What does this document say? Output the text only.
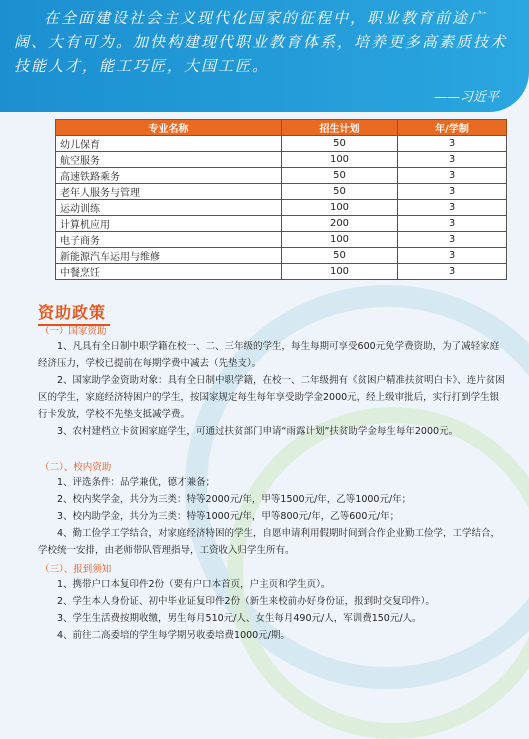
在全面建设社会主义现代化国家的征程中，职业教育前途广阔、大有可为。加快构建现代职业教育体系，培养更多高素质技术技能人才，能工巧匠，大国工匠。

——习近平
专业名称	招生计划	年/学制
幼儿保育	50	3
航空服务	100	3
高速铁路乘务	50	3
老年人服务与管理	50	3
运动训练	100	3
计算机应用	200	3
电子商务	100	3
新能源汽车运用与维修	50	3
中餐烹饪	100	3
资助政策
（一）国家资助

1、凡具有全日制中职学籍在校一、二、三年级的学生，每生每期可享受600元免学费资助，为了减轻家庭经济压力，学校已提前在每期学费中减去（先垫支）。

2、国家助学金资助对象：具有全日制中职学籍，在校一、二年级拥有《贫困户精准扶贫明白卡》、连片贫困区的学生，家庭经济特困户的学生，按国家规定每生每年享受助学金2000元，经上级审批后，实行打到学生银行卡发放，学校不先垫支抵减学费。

3、农村建档立卡贫困家庭学生，可通过扶贫部门申请“雨露计划”扶贫助学金每生每年2000元。

（二）、校内资助

1、评选条件：品学兼优，德才兼备；

2、校内奖学金，共分为三类：特等2000元/年，甲等1500元/年，乙等1000元/年；

3、校内助学金，共分为三类：特等1000元/年，甲等800元/年，乙等600元/年；

4、勤工俭学工学结合，对家庭经济特困的学生，自愿申请利用假期时间到合作企业勤工俭学，工学结合，学校统一安排，由老师带队管理指导，工资收入归学生所有。

（三）、报到须知

1、携带户口本复印件2份（要有户口本首页，户主页和学生页）。

2、学生本人身份证、初中毕业证复印件2份（新生来校前办好身份证，报到时交复印件）。

3、学生生活费按期收缴，男生每月510元/人、女生每月490元/人，军训费150元/人。

4、前往二高委培的学生每学期另收委培费1000元/期。
